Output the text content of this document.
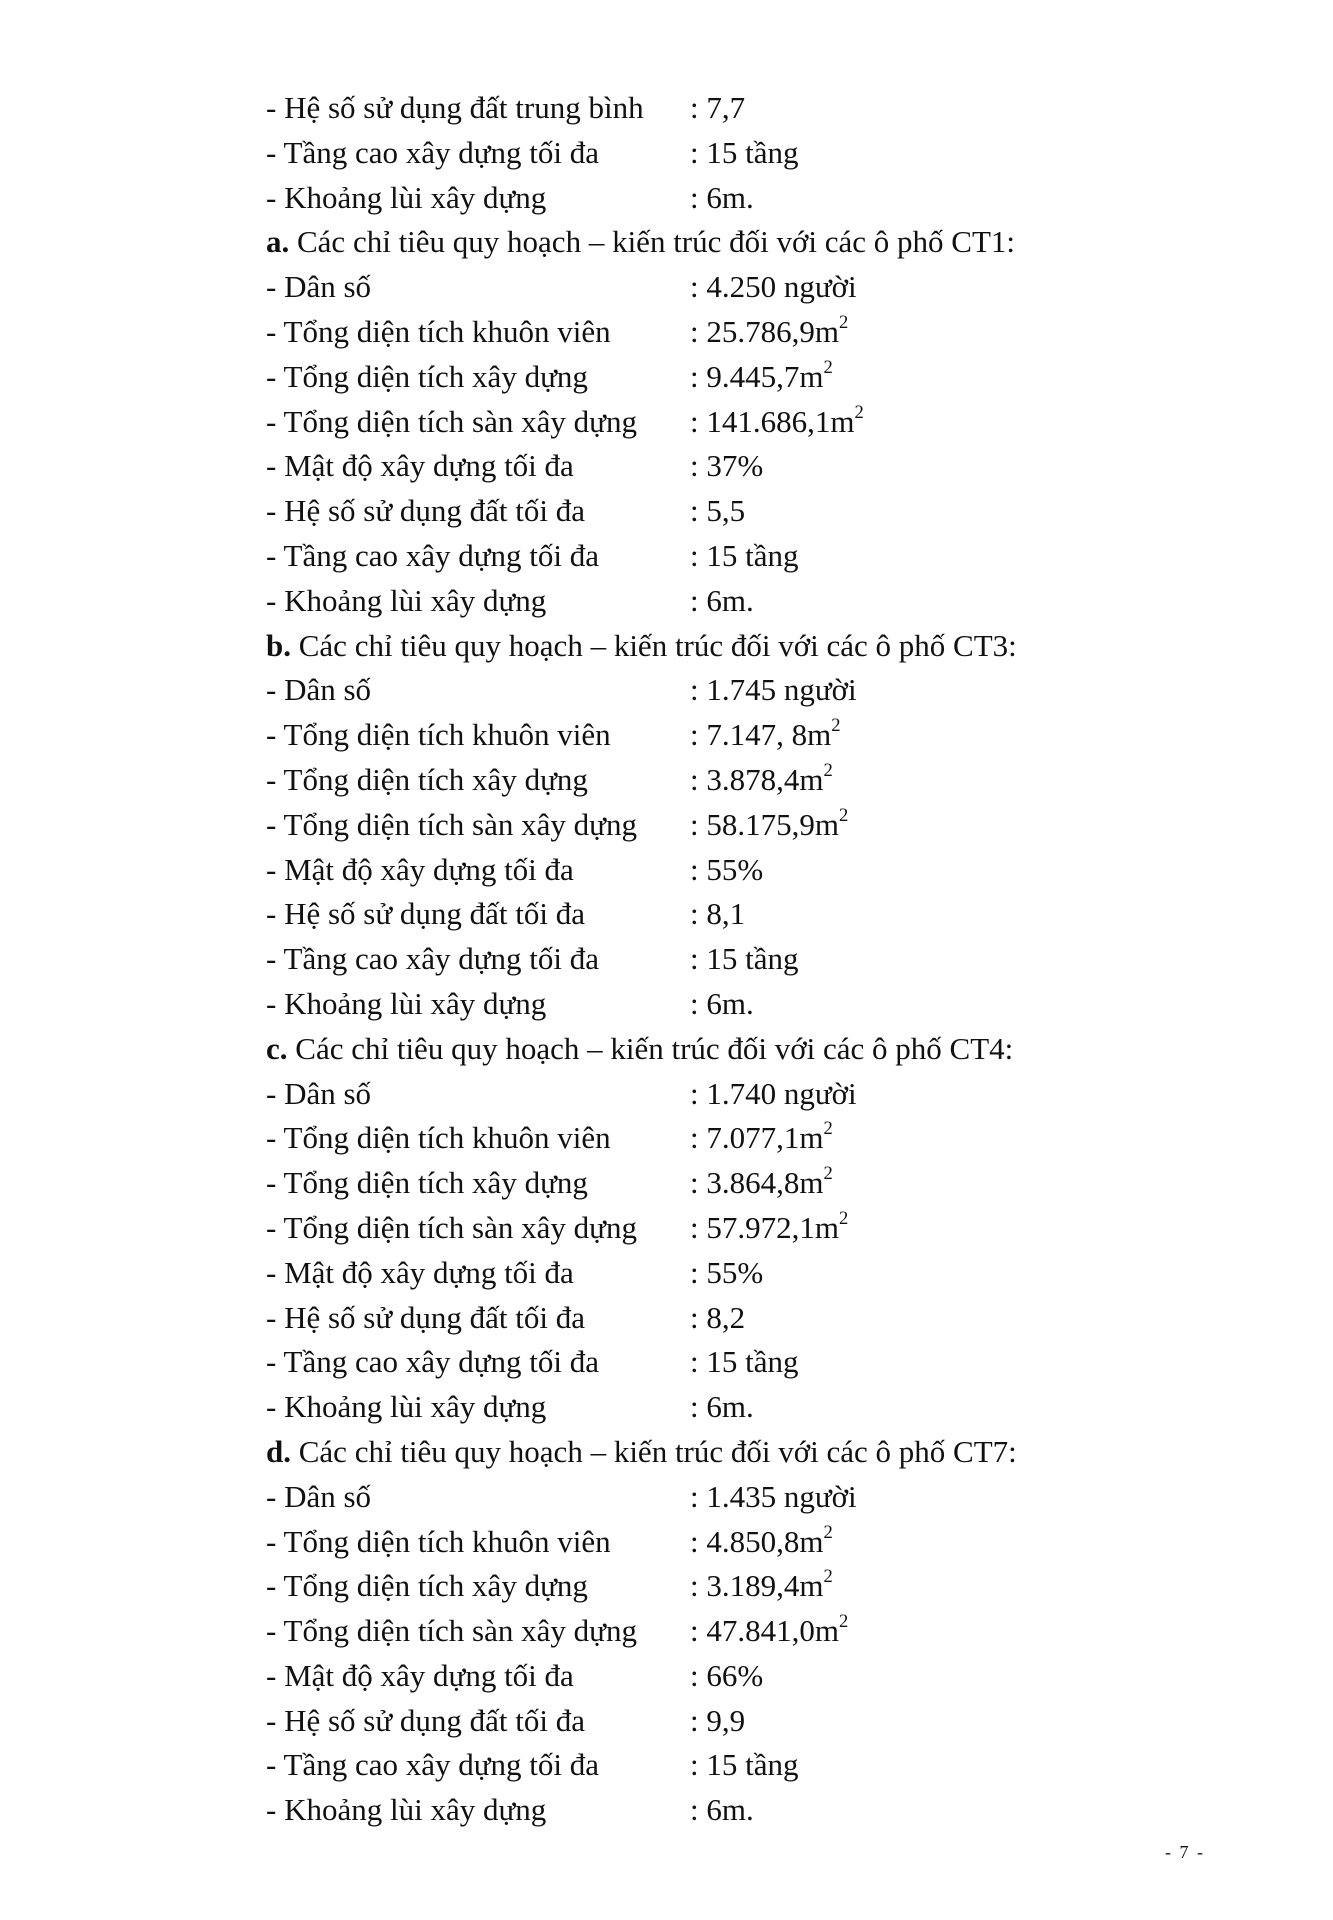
- Hệ số sử dụng đất trung bình : 7,7
- Tầng cao xây dựng tối đa	: 15 tầng
- Khoảng lùi xây dựng	: 6m.
a. Các chỉ tiêu quy hoạch – kiến trúc đối với các ô phố CT1:
- Dân số	: 4.250 người
- Tổng diện tích khuôn viên	: $25.786,9m^2$
- Tổng diện tích xây dựng	: $9.445,7m^2$
- Tổng diện tích sàn xây dựng : $141.686,1m^2$
- Mật độ xây dựng tối đa	: 37%
- Hệ số sử dụng đất tối đa	: 5,5
- Tầng cao xây dựng tối đa	: 15 tầng
- Khoảng lùi xây dựng	: 6m.
b. Các chỉ tiêu quy hoạch – kiến trúc đối với các ô phố CT3:
- Dân số	: 1.745 người
- Tổng diện tích khuôn viên	: 7.147, $8m^2$
- Tổng diện tích xây dựng	: $3.878,4m^2$
- Tổng diện tích sàn xây dựng : $58.175,9m^2$
- Mật độ xây dựng tối đa	: 55%
- Hệ số sử dụng đất tối đa	: 8,1
- Tầng cao xây dựng tối đa	: 15 tầng
- Khoảng lùi xây dựng	: 6m.
c. Các chỉ tiêu quy hoạch – kiến trúc đối với các ô phố CT4:
- Dân số	: 1.740 người
- Tổng diện tích khuôn viên	: $7.077,1m^2$
- Tổng diện tích xây dựng	: $3.864,8m^2$
- Tổng diện tích sàn xây dựng : $57.972,1m^2$
- Mật độ xây dựng tối đa	: 55%
- Hệ số sử dụng đất tối đa	: 8,2
- Tầng cao xây dựng tối đa	: 15 tầng
- Khoảng lùi xây dựng	: 6m.
d. Các chỉ tiêu quy hoạch – kiến trúc đối với các ô phố CT7:
- Dân số	: 1.435 người
- Tổng diện tích khuôn viên	: $4.850,8m^2$
- Tổng diện tích xây dựng	: $3.189,4m^2$
- Tổng diện tích sàn xây dựng : $47.841,0m^2$
- Mật độ xây dựng tối đa	: 66%
- Hệ số sử dụng đất tối đa	: 9,9
- Tầng cao xây dựng tối đa	: 15 tầng
- Khoảng lùi xây dựng	: 6m.
- 7 -
